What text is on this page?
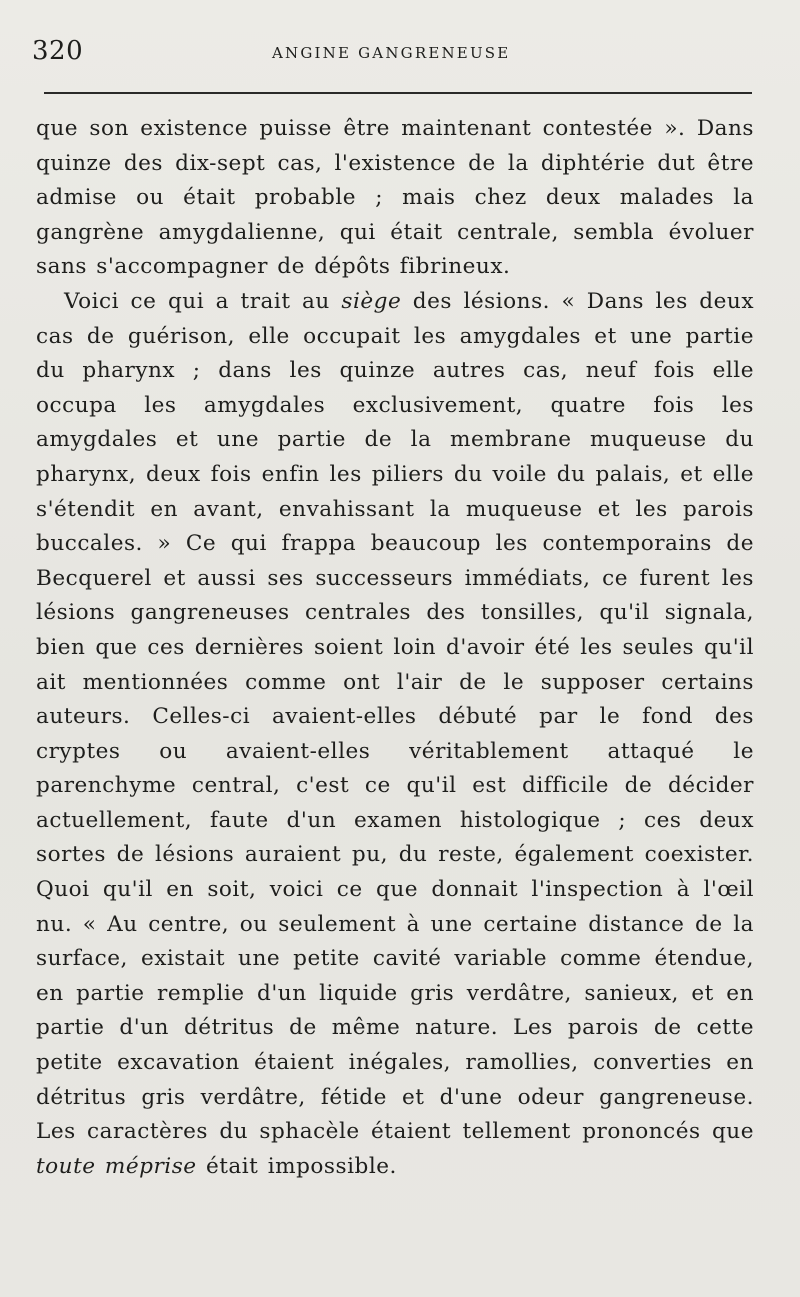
320	ANGINE GANGRENEUSE

que son existence puisse être maintenant contestée ». Dans quinze des dix-sept cas, l'existence de la diphtérie dut être admise ou était probable ; mais chez deux malades la gangrène amygdalienne, qui était centrale, sembla évoluer sans s'accompagner de dépôts fibrineux.

Voici ce qui a trait au siège des lésions. « Dans les deux cas de guérison, elle occupait les amygdales et une partie du pharynx ; dans les quinze autres cas, neuf fois elle occupa les amygdales exclusivement, quatre fois les amygdales et une partie de la membrane muqueuse du pharynx, deux fois enfin les piliers du voile du palais, et elle s'étendit en avant, envahissant la muqueuse et les parois buccales. » Ce qui frappa beaucoup les contemporains de Becquerel et aussi ses successeurs immédiats, ce furent les lésions gangreneuses centrales des tonsilles, qu'il signala, bien que ces dernières soient loin d'avoir été les seules qu'il ait mentionnées comme ont l'air de le supposer certains auteurs. Celles-ci avaient-elles débuté par le fond des cryptes ou avaient-elles véritablement attaqué le parenchyme central, c'est ce qu'il est difficile de décider actuellement, faute d'un examen histologique ; ces deux sortes de lésions auraient pu, du reste, également coexister. Quoi qu'il en soit, voici ce que donnait l'inspection à l'œil nu. « Au centre, ou seulement à une certaine distance de la surface, existait une petite cavité variable comme étendue, en partie remplie d'un liquide gris verdâtre, sanieux, et en partie d'un détritus de même nature. Les parois de cette petite excavation étaient inégales, ramollies, converties en détritus gris verdâtre, fétide et d'une odeur gangreneuse. Les caractères du sphacèle étaient tellement prononcés que toute méprise était impossible.
